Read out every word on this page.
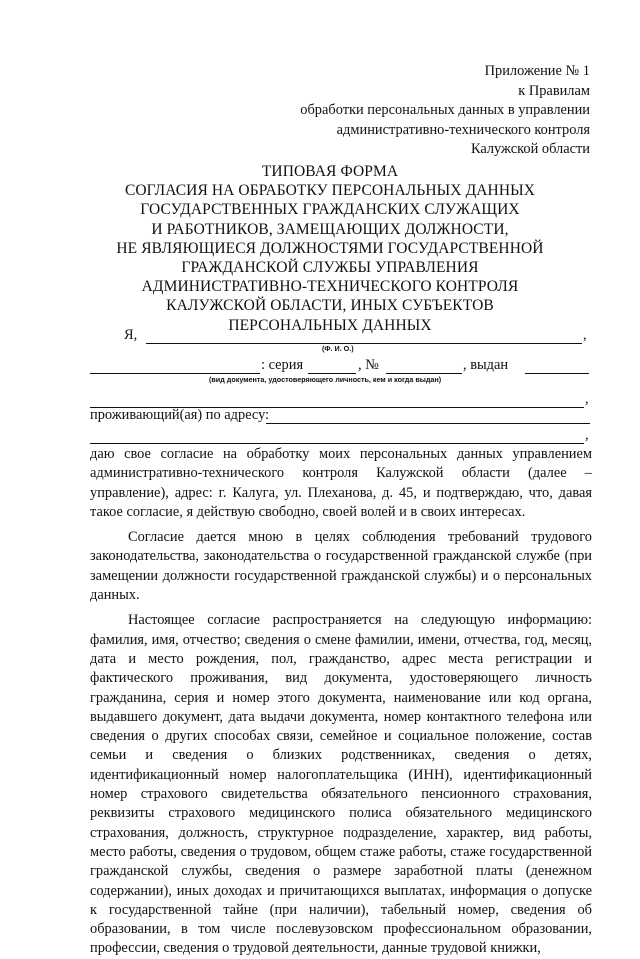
Приложение № 1
к Правилам
обработки персональных данных в управлении
административно-технического контроля
Калужской области
ТИПОВАЯ ФОРМА
СОГЛАСИЯ НА ОБРАБОТКУ ПЕРСОНАЛЬНЫХ ДАННЫХ
ГОСУДАРСТВЕННЫХ ГРАЖДАНСКИХ СЛУЖАЩИХ
И РАБОТНИКОВ, ЗАМЕЩАЮЩИХ ДОЛЖНОСТИ,
НЕ ЯВЛЯЮЩИЕСЯ ДОЛЖНОСТЯМИ ГОСУДАРСТВЕННОЙ
ГРАЖДАНСКОЙ СЛУЖБЫ УПРАВЛЕНИЯ
АДМИНИСТРАТИВНО-ТЕХНИЧЕСКОГО КОНТРОЛЯ
КАЛУЖСКОЙ ОБЛАСТИ, ИНЫХ СУБЪЕКТОВ
ПЕРСОНАЛЬНЫХ ДАННЫХ
Я,	,
(Ф. И. О.)
: серия	, №	, выдан
(вид документа, удостоверяющего личность, кем и когда выдан)
,
проживающий(ая) по адресу:
,

даю свое согласие на обработку моих персональных данных управлением административно-технического контроля Калужской области (далее – управление), адрес: г. Калуга, ул. Плеханова, д. 45, и подтверждаю, что, давая такое согласие, я действую свободно, своей волей и в своих интересах.

Согласие дается мною в целях соблюдения требований трудового законодательства, законодательства о государственной гражданской службе (при замещении должности государственной гражданской службы) и о персональных данных.

Настоящее согласие распространяется на следующую информацию: фамилия, имя, отчество; сведения о смене фамилии, имени, отчества, год, месяц, дата и место рождения, пол, гражданство, адрес места регистрации и фактического проживания, вид документа, удостоверяющего личность гражданина, серия и номер этого документа, наименование или код органа, выдавшего документ, дата выдачи документа, номер контактного телефона или сведения о других способах связи, семейное и социальное положение, состав семьи и сведения о близких родственниках, сведения о детях, идентификационный номер налогоплательщика (ИНН), идентификационный номер страхового свидетельства обязательного пенсионного страхования, реквизиты страхового медицинского полиса обязательного медицинского страхования, должность, структурное подразделение, характер, вид работы, место работы, сведения о трудовом, общем стаже работы, стаже государственной гражданской службы, сведения о размере заработной платы (денежном содержании), иных доходах и причитающихся выплатах, информация о допуске к государственной тайне (при наличии), табельный номер, сведения об образовании, в том числе послевузовском профессиональном образовании, профессии, сведения о трудовой деятельности, данные трудовой книжки,
